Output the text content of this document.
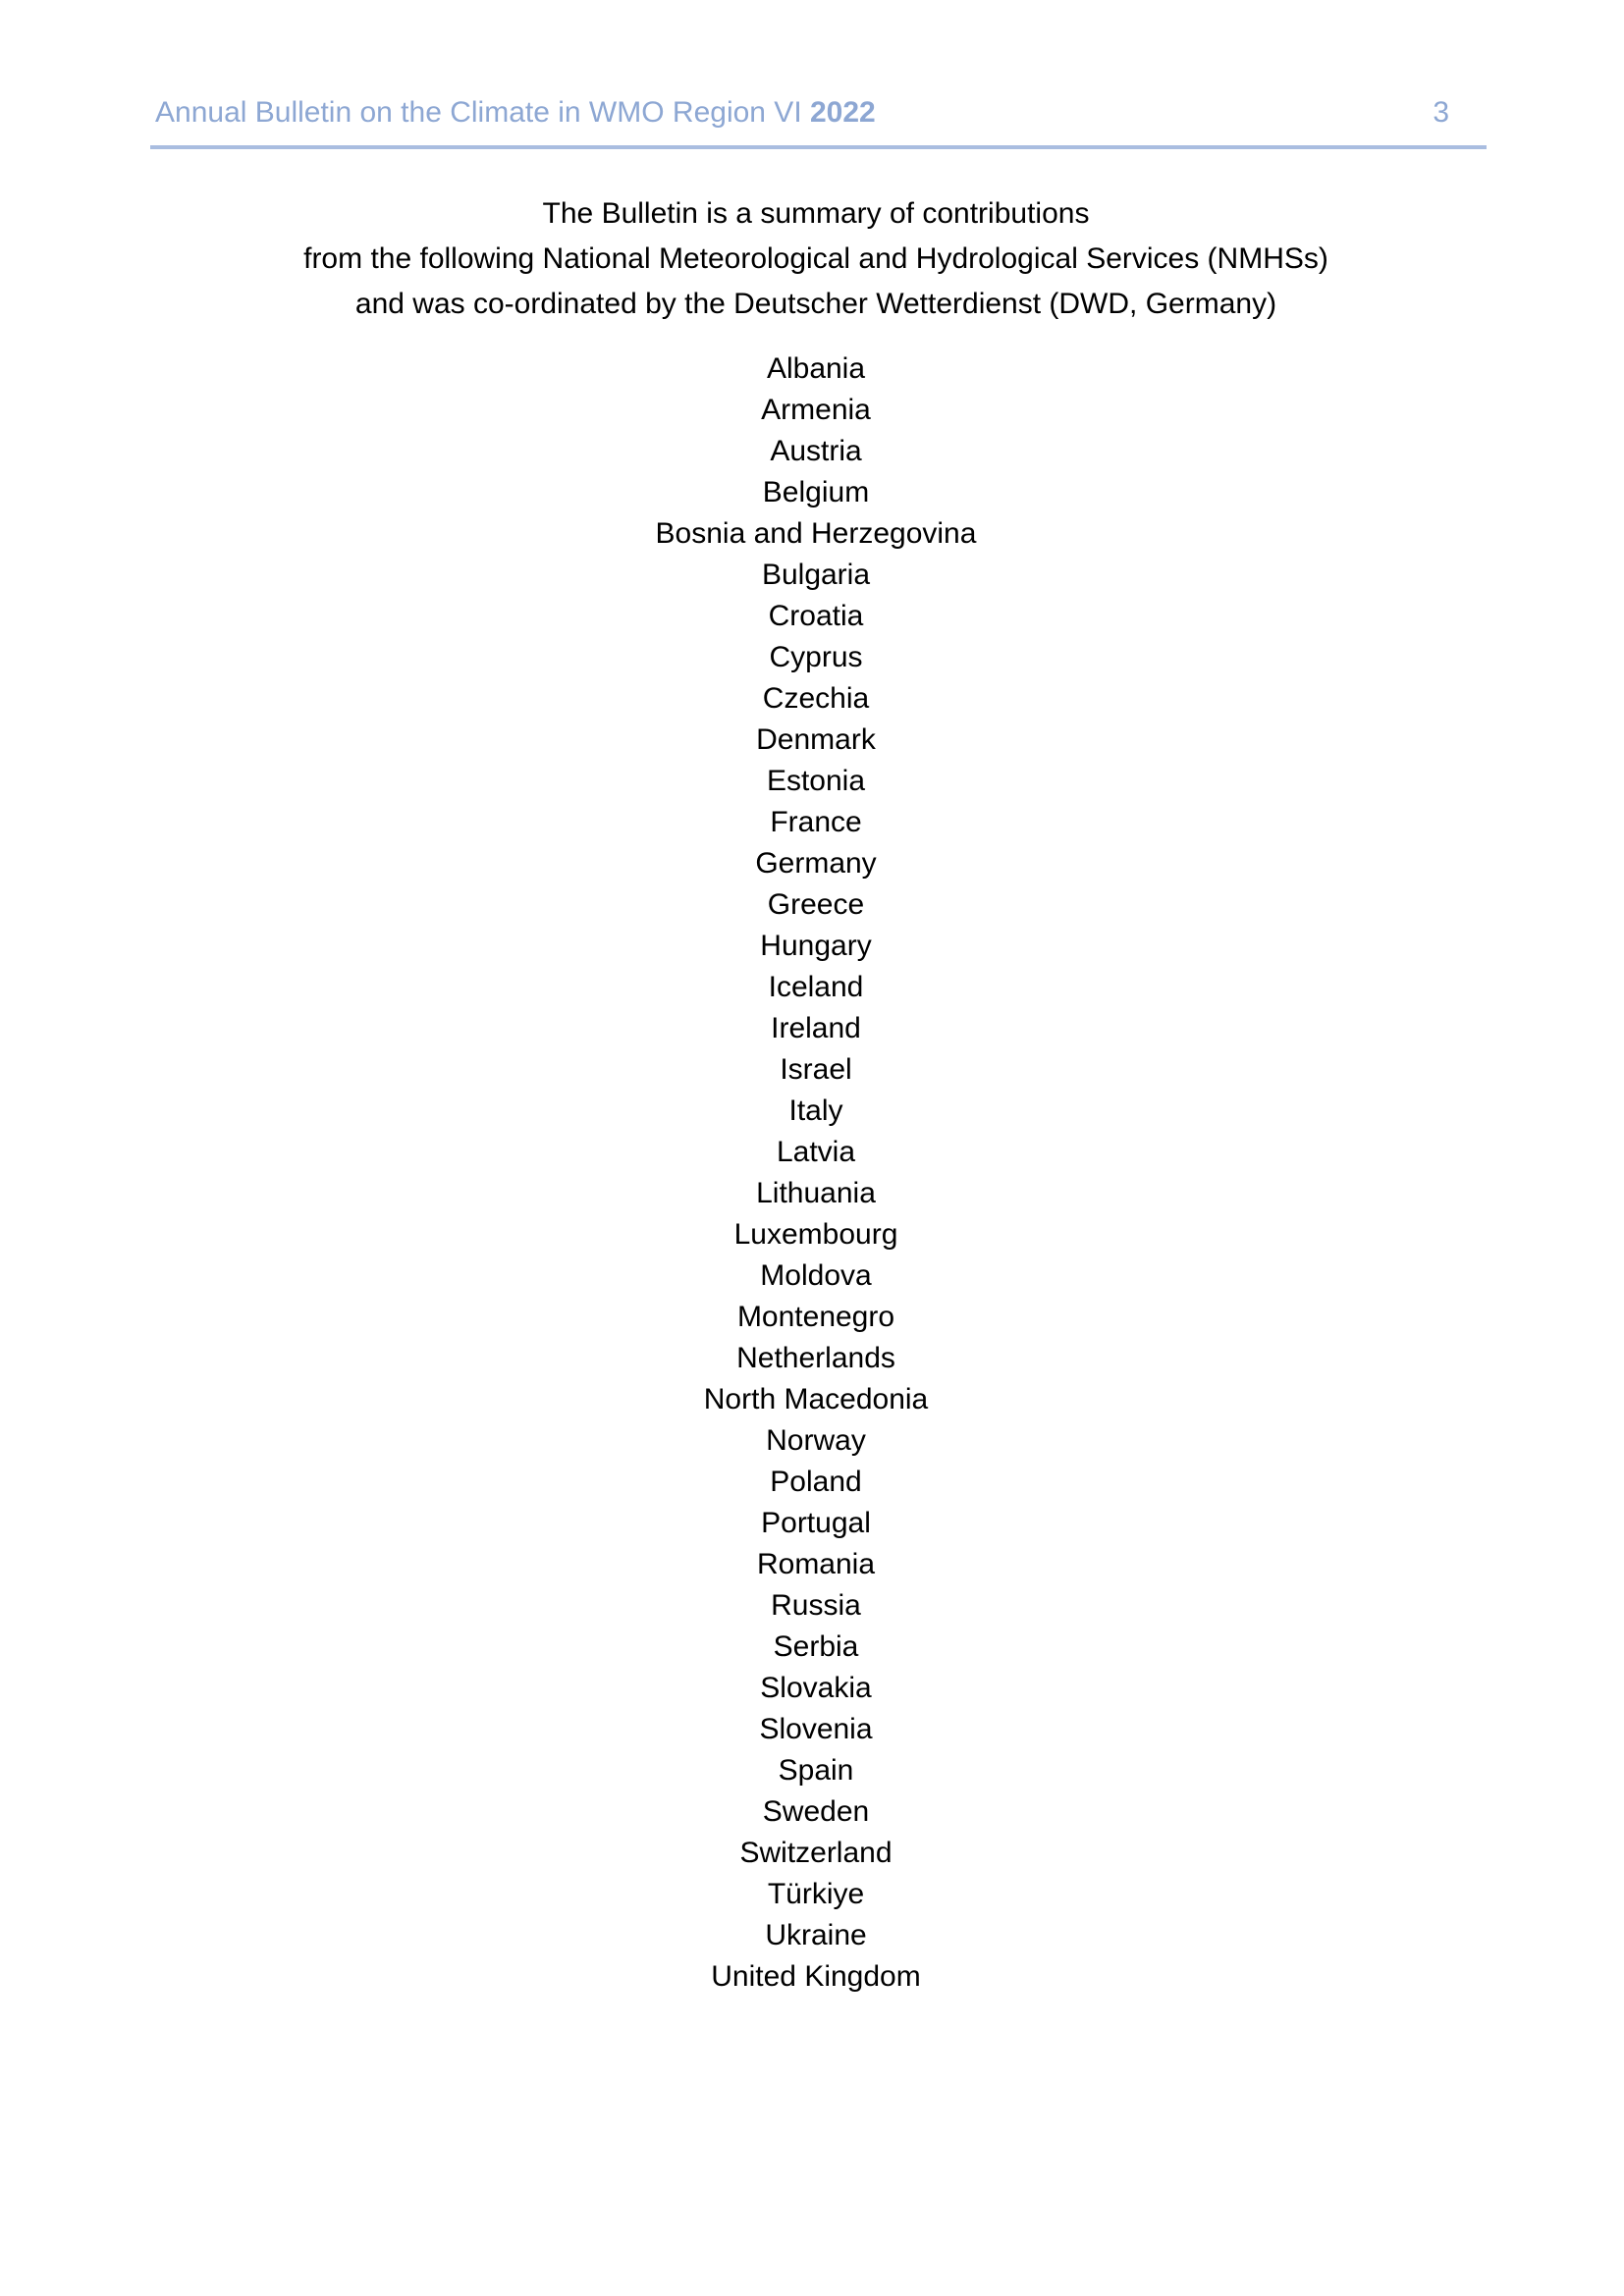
Annual Bulletin on the Climate in WMO Region VI 2022	3

The Bulletin is a summary of contributions

from the following National Meteorological and Hydrological Services (NMHSs)

and was co-ordinated by the Deutscher Wetterdienst (DWD, Germany)

Albania
Armenia
Austria
Belgium
Bosnia and Herzegovina
Bulgaria
Croatia
Cyprus
Czechia
Denmark
Estonia
France
Germany
Greece
Hungary
Iceland
Ireland
Israel
Italy
Latvia
Lithuania
Luxembourg
Moldova
Montenegro
Netherlands
North Macedonia
Norway
Poland
Portugal
Romania
Russia
Serbia
Slovakia
Slovenia
Spain
Sweden
Switzerland
Türkiye
Ukraine
United Kingdom
